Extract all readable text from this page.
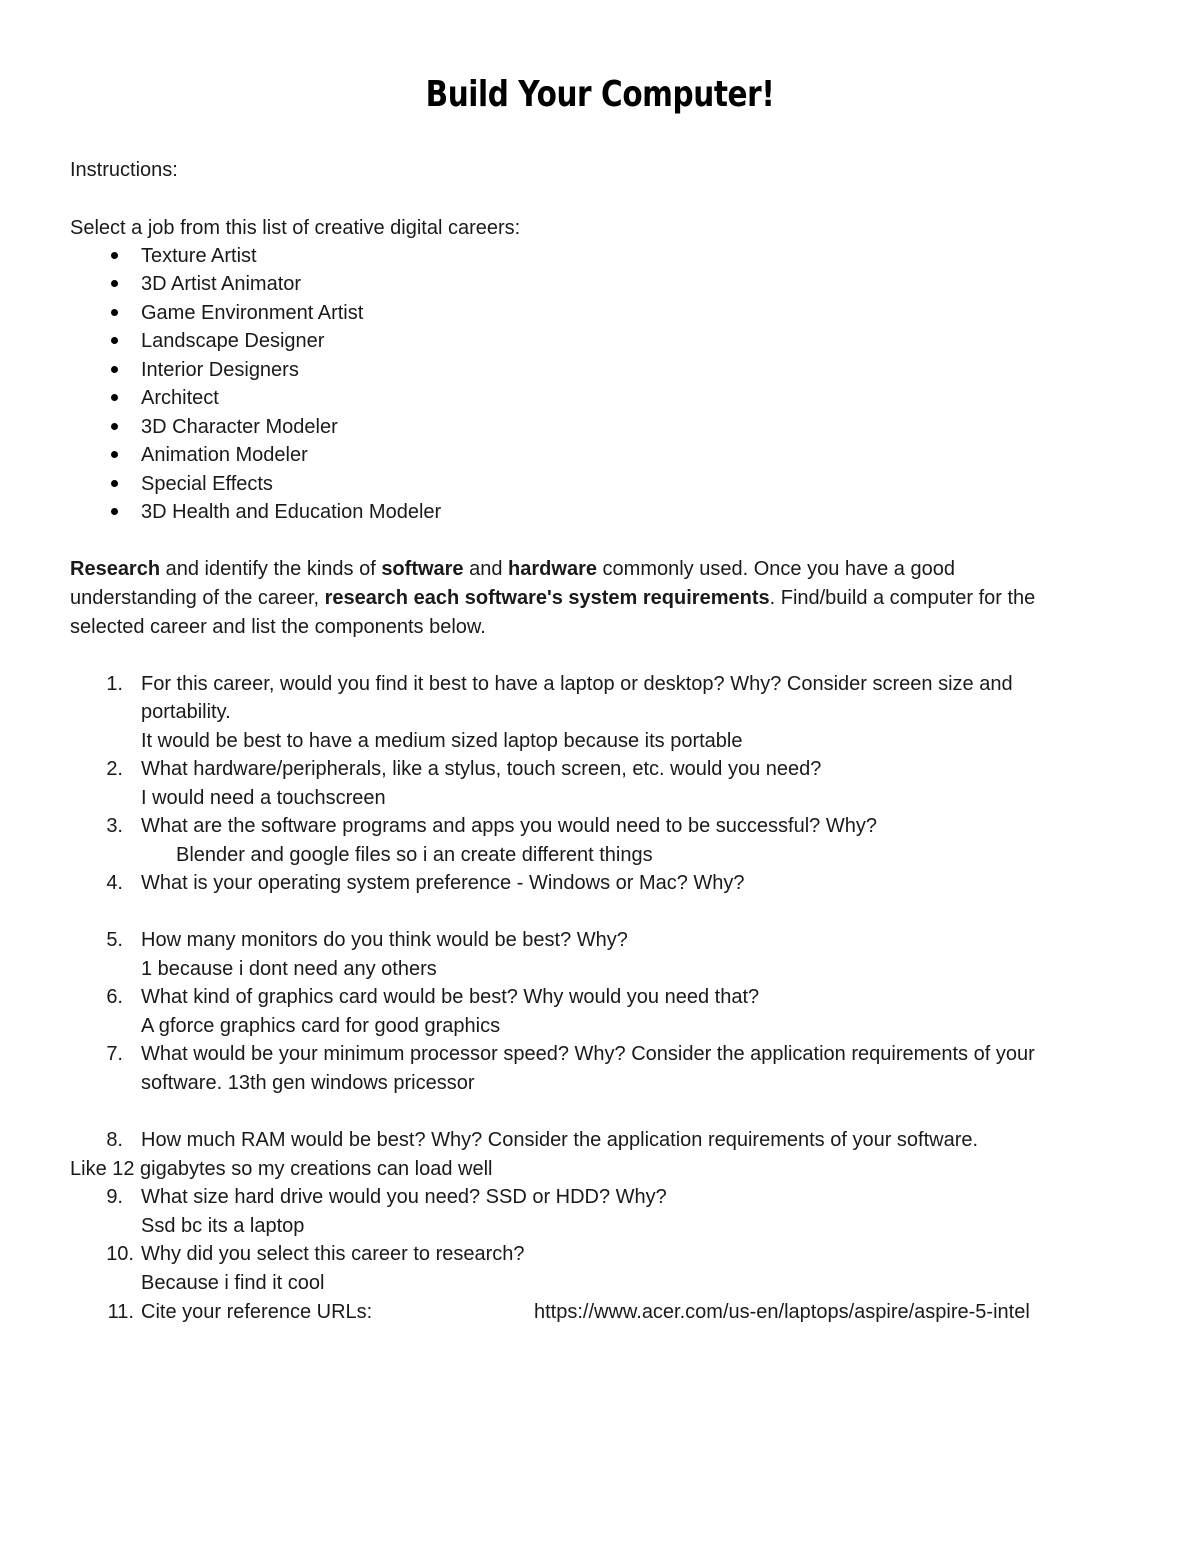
Build Your Computer!
Instructions:
Select a job from this list of creative digital careers:
Texture Artist
3D Artist Animator
Game Environment Artist
Landscape Designer
Interior Designers
Architect
3D Character Modeler
Animation Modeler
Special Effects
3D Health and Education Modeler
Research and identify the kinds of software and hardware commonly used. Once you have a good
understanding of the career, research each software's system requirements. Find/build a computer for the
selected career and list the components below.
1. For this career, would you find it best to have a laptop or desktop? Why? Consider screen size and
portability.
It would be best to have a medium sized laptop because its portable
2. What hardware/peripherals, like a stylus, touch screen, etc. would you need?
I would need a touchscreen
3. What are the software programs and apps you would need to be successful? Why?
Blender and google files so i an create different things
4. What is your operating system preference - Windows or Mac? Why?
5. How many monitors do you think would be best? Why?
1 because i dont need any others
6. What kind of graphics card would be best? Why would you need that?
A gforce graphics card for good graphics
7. What would be your minimum processor speed? Why? Consider the application requirements of your
software. 13th gen windows pricessor
8. How much RAM would be best? Why? Consider the application requirements of your software.
Like 12 gigabytes so my creations can load well
9. What size hard drive would you need? SSD or HDD? Why?
Ssd bc its a laptop
10. Why did you select this career to research?
Because i find it cool
11. Cite your reference URLs:	https://www.acer.com/us-en/laptops/aspire/aspire-5-intel
